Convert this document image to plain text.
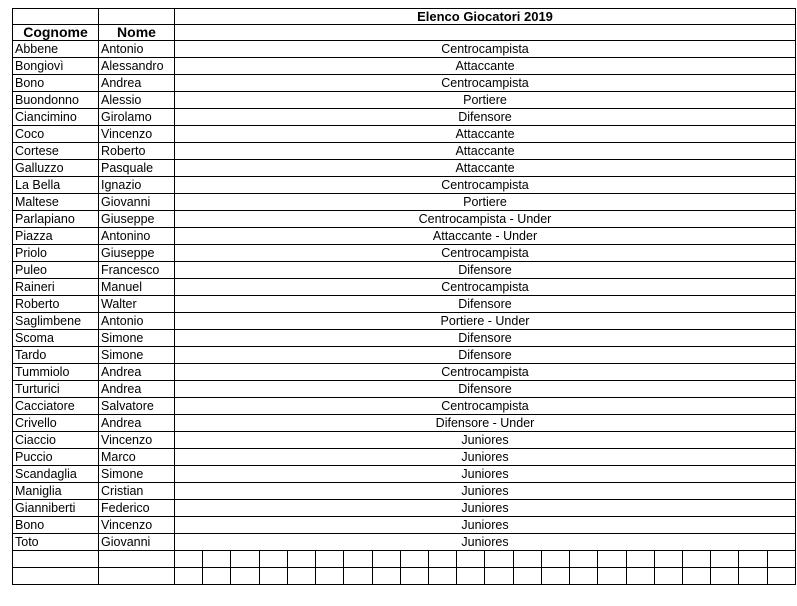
		Elenco Giocatori 2019																					
Cognome	Nome																						
Abbene	Antonio	Centrocampista																					
Bongiovì	Alessandro	Attaccante																					
Bono	Andrea	Centrocampista																					
Buondonno	Alessio	Portiere																					
Ciancimino	Girolamo	Difensore																					
Coco	Vincenzo	Attaccante																					
Cortese	Roberto	Attaccante																					
Galluzzo	Pasquale	Attaccante																					
La Bella	Ignazio	Centrocampista																					
Maltese	Giovanni	Portiere																					
Parlapiano	Giuseppe	Centrocampista - Under																					
Piazza	Antonino	Attaccante - Under																					
Priolo	Giuseppe	Centrocampista																					
Puleo	Francesco	Difensore																					
Raineri	Manuel	Centrocampista																					
Roberto	Walter	Difensore																					
Saglimbene	Antonio	Portiere - Under																					
Scoma	Simone	Difensore																					
Tardo	Simone	Difensore																					
Tummiolo	Andrea	Centrocampista																					
Turturici	Andrea	Difensore																					
Cacciatore	Salvatore	Centrocampista																					
Crivello	Andrea	Difensore - Under																					
Ciaccio	Vincenzo	Juniores																					
Puccio	Marco	Juniores																					
Scandaglia	Simone	Juniores																					
Maniglia	Cristian	Juniores																					
Gianniberti	Federico	Juniores																					
Bono	Vincenzo	Juniores																					
Toto	Giovanni	Juniores																					
